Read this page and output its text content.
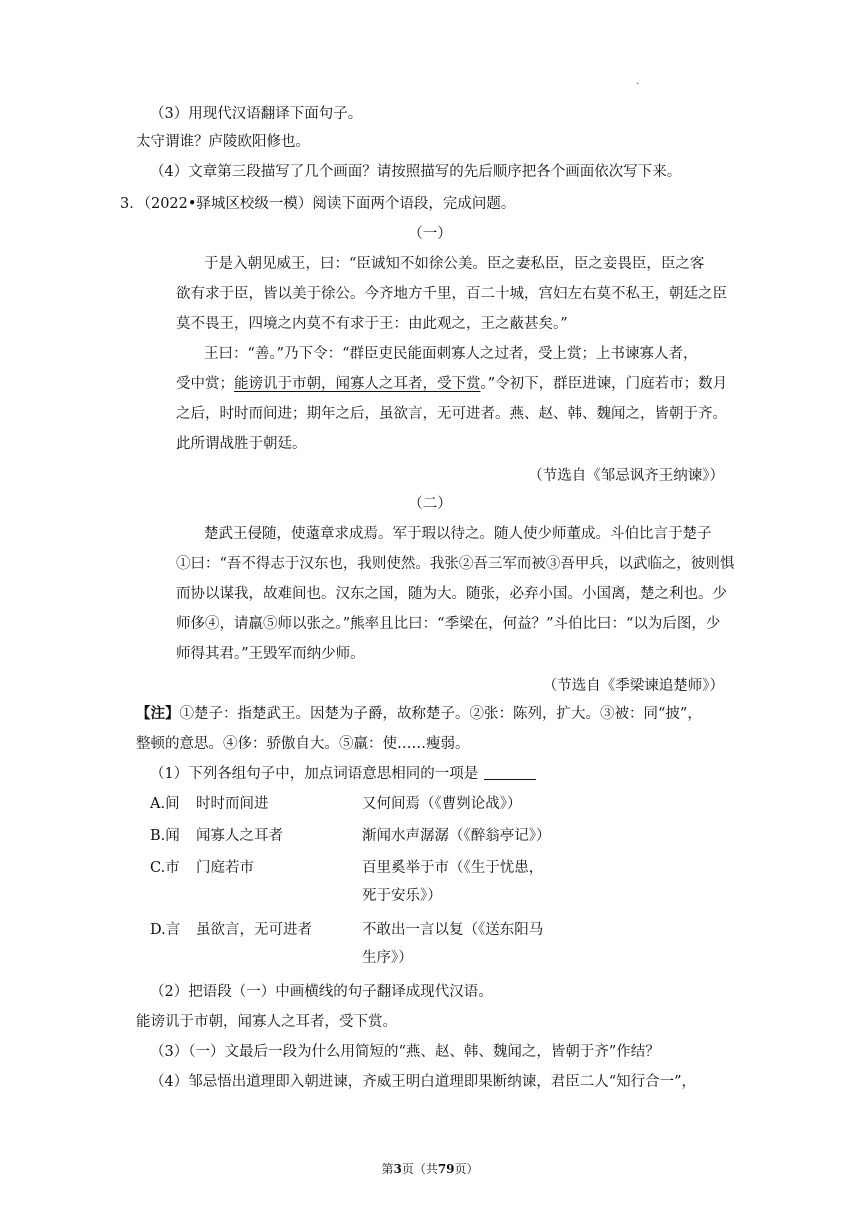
.
（3）用现代汉语翻译下面句子。
太守谓谁？庐陵欧阳修也。
（4）文章第三段描写了几个画面？请按照描写的先后顺序把各个画面依次写下来。
3．（2022•驿城区校级一模）阅读下面两个语段，完成问题。
（一）
于是入朝见威王，曰：“臣诚知不如徐公美。臣之妻私臣，臣之妾畏臣，臣之客
欲有求于臣，皆以美于徐公。今齐地方千里，百二十城，宫妇左右莫不私王，朝廷之臣
莫不畏王，四境之内莫不有求于王：由此观之，王之蔽甚矣。”
王曰：“善。”乃下令：“群臣吏民能面刺寡人之过者，受上赏；上书谏寡人者，
受中赏；能谤讥于市朝，闻寡人之耳者，受下赏。”令初下，群臣进谏，门庭若市；数月
之后，时时而间进；期年之后，虽欲言，无可进者。燕、赵、韩、魏闻之，皆朝于齐。
此所谓战胜于朝廷。
（节选自《邹忌讽齐王纳谏》）
（二）
楚武王侵随，使薳章求成焉。军于瑕以待之。随人使少师董成。斗伯比言于楚子
①曰：“吾不得志于汉东也，我则使然。我张②吾三军而被③吾甲兵，以武临之，彼则惧
而协以谋我，故难间也。汉东之国，随为大。随张，必弃小国。小国离，楚之利也。少
师侈④，请羸⑤师以张之。”熊率且比曰：“季梁在，何益？”斗伯比曰：“以为后图，少
师得其君。”王毁军而纳少师。
（节选自《季梁谏追楚师》）
【注】①楚子：指楚武王。因楚为子爵，故称楚子。②张：陈列，扩大。③被：同“披”，
整顿的意思。④侈：骄傲自大。⑤羸：使……瘦弱。
（1）下列各组句子中，加点词语意思相同的一项是
A.间 时时而间进	又何间焉（《曹刿论战》）
B.闻 闻寡人之耳者	渐闻水声潺潺（《醉翁亭记》）
C.市 门庭若市	百里奚举于市（《生于忧患，
死于安乐》）
D.言 虽欲言，无可进者	不敢出一言以复（《送东阳马
生序》）
（2）把语段（一）中画横线的句子翻译成现代汉语。
能谤讥于市朝，闻寡人之耳者，受下赏。
（3）（一）文最后一段为什么用简短的“燕、赵、韩、魏闻之，皆朝于齐”作结？
（4）邹忌悟出道理即入朝进谏，齐威王明白道理即果断纳谏，君臣二人“知行合一”，
第3页（共79页）
